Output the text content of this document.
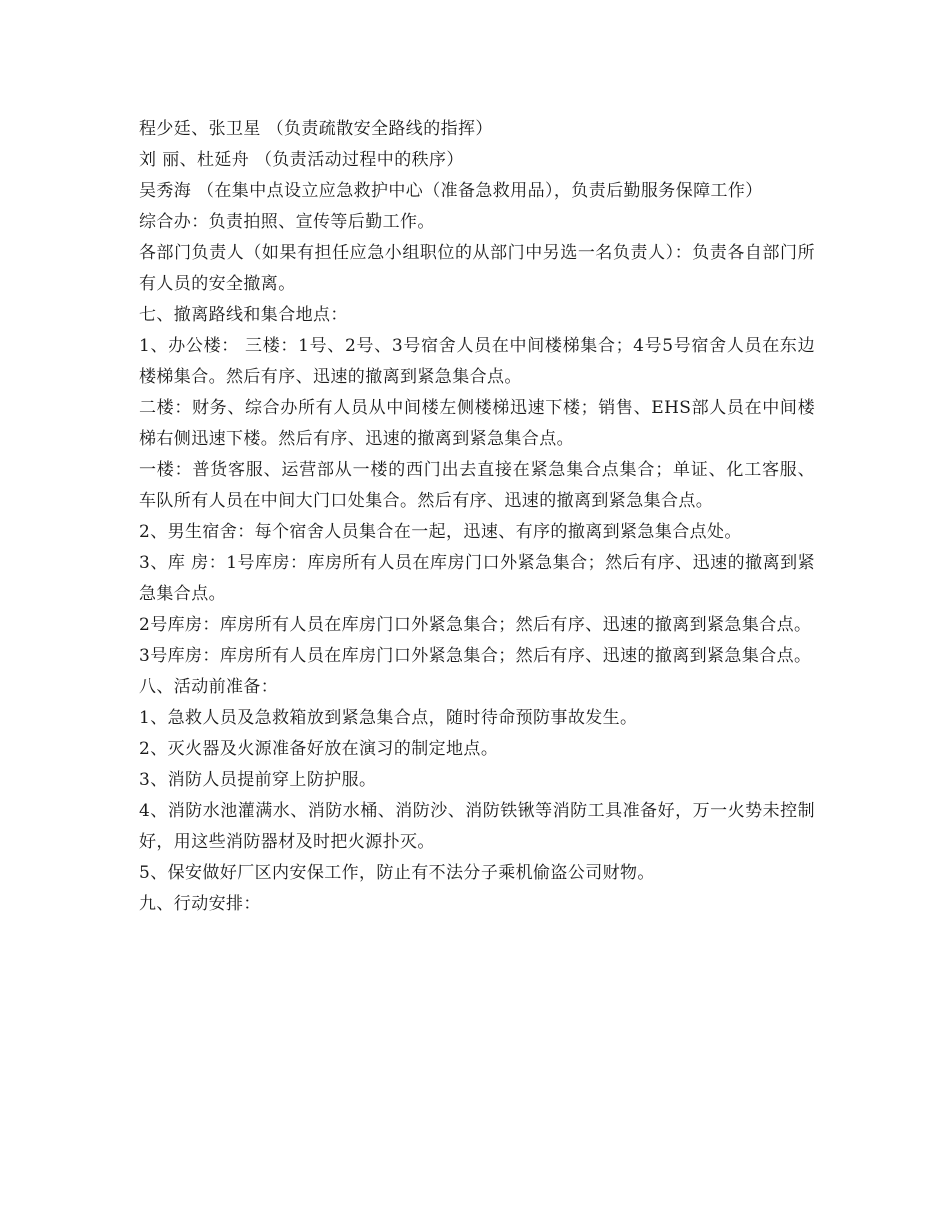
程少廷、张卫星 （负责疏散安全路线的指挥）

刘 丽、杜延舟 （负责活动过程中的秩序）

吴秀海 （在集中点设立应急救护中心（准备急救用品），负责后勤服务保障工作）

综合办：负责拍照、宣传等后勤工作。

各部门负责人（如果有担任应急小组职位的从部门中另选一名负责人）：负责各自部门所有人员的安全撤离。

七、撤离路线和集合地点：

1、办公楼： 三楼：1号、2号、3号宿舍人员在中间楼梯集合；4号5号宿舍人员在东边楼梯集合。然后有序、迅速的撤离到紧急集合点。

二楼：财务、综合办所有人员从中间楼左侧楼梯迅速下楼；销售、EHS部人员在中间楼梯右侧迅速下楼。然后有序、迅速的撤离到紧急集合点。

一楼：普货客服、运营部从一楼的西门出去直接在紧急集合点集合；单证、化工客服、车队所有人员在中间大门口处集合。然后有序、迅速的撤离到紧急集合点。

2、男生宿舍：每个宿舍人员集合在一起，迅速、有序的撤离到紧急集合点处。

3、库 房：1号库房：库房所有人员在库房门口外紧急集合；然后有序、迅速的撤离到紧急集合点。

2号库房：库房所有人员在库房门口外紧急集合；然后有序、迅速的撤离到紧急集合点。

3号库房：库房所有人员在库房门口外紧急集合；然后有序、迅速的撤离到紧急集合点。

八、活动前准备：

1、急救人员及急救箱放到紧急集合点，随时待命预防事故发生。

2、灭火器及火源准备好放在演习的制定地点。

3、消防人员提前穿上防护服。

4、消防水池灌满水、消防水桶、消防沙、消防铁锹等消防工具准备好，万一火势未控制好，用这些消防器材及时把火源扑灭。

5、保安做好厂区内安保工作，防止有不法分子乘机偷盗公司财物。

九、行动安排：
